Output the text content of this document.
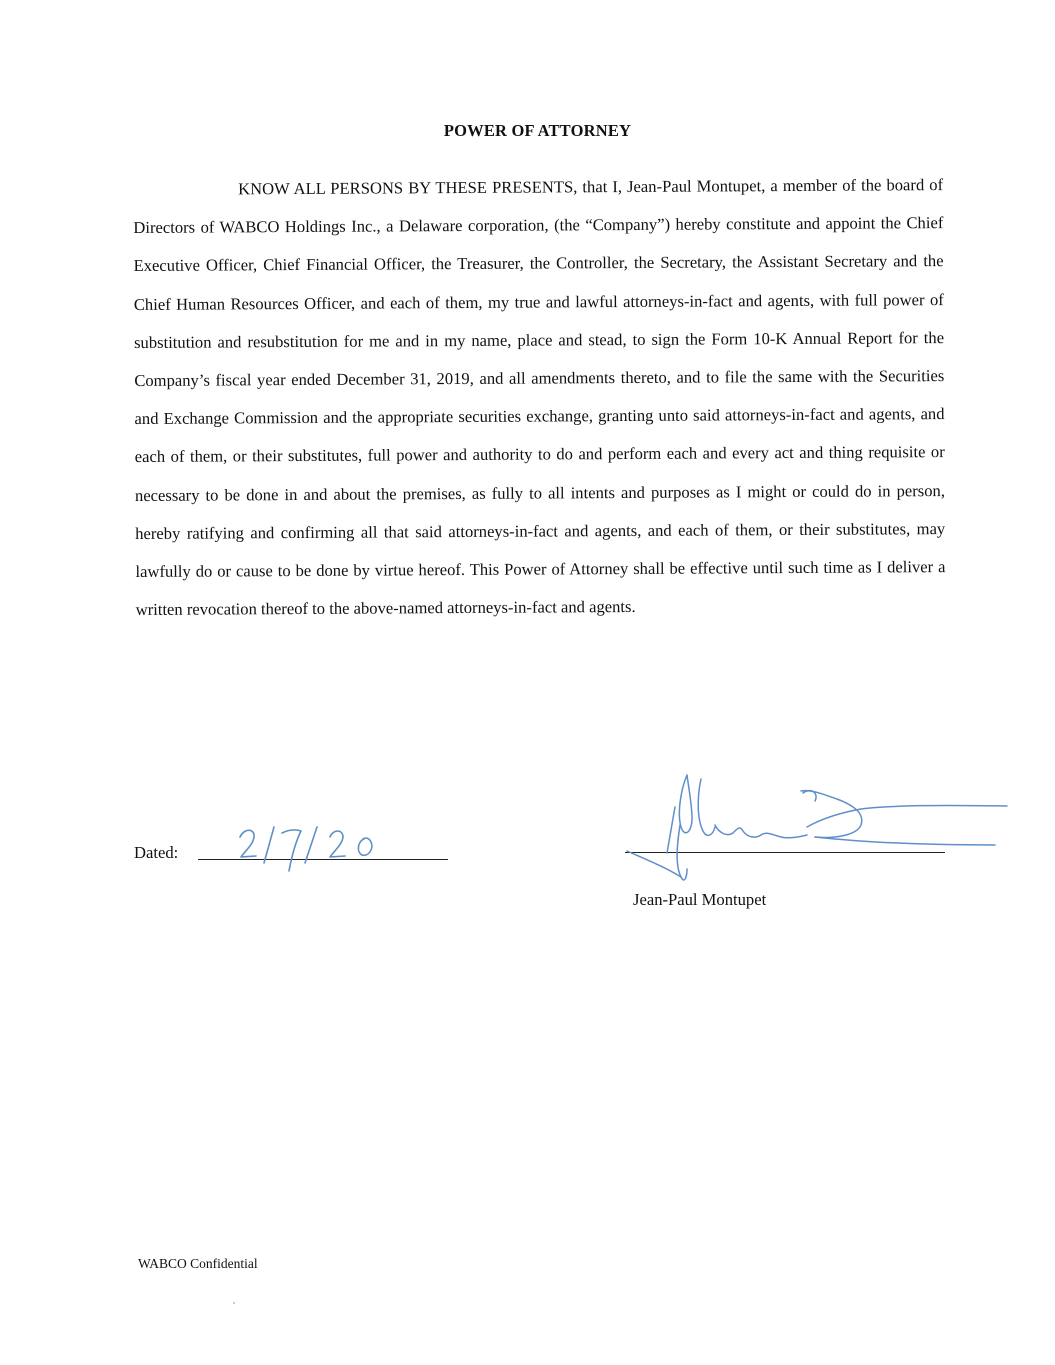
POWER OF ATTORNEY

KNOW ALL PERSONS BY THESE PRESENTS, that I, Jean-Paul Montupet, a member of the board of Directors of WABCO Holdings Inc., a Delaware corporation, (the “Company”) hereby constitute and appoint the Chief Executive Officer, Chief Financial Officer, the Treasurer, the Controller, the Secretary, the Assistant Secretary and the Chief Human Resources Officer, and each of them, my true and lawful attorneys-in-fact and agents, with full power of substitution and resubstitution for me and in my name, place and stead, to sign the Form 10-K Annual Report for the Company’s fiscal year ended December 31, 2019, and all amendments thereto, and to file the same with the Securities and Exchange Commission and the appropriate securities exchange, granting unto said attorneys-in-fact and agents, and each of them, or their substitutes, full power and authority to do and perform each and every act and thing requisite or necessary to be done in and about the premises, as fully to all intents and purposes as I might or could do in person, hereby ratifying and confirming all that said attorneys-in-fact and agents, and each of them, or their substitutes, may lawfully do or cause to be done by virtue hereof. This Power of Attorney shall be effective until such time as I deliver a written revocation thereof to the above-named attorneys-in-fact and agents.

Dated:
Jean-Paul Montupet
WABCO Confidential
